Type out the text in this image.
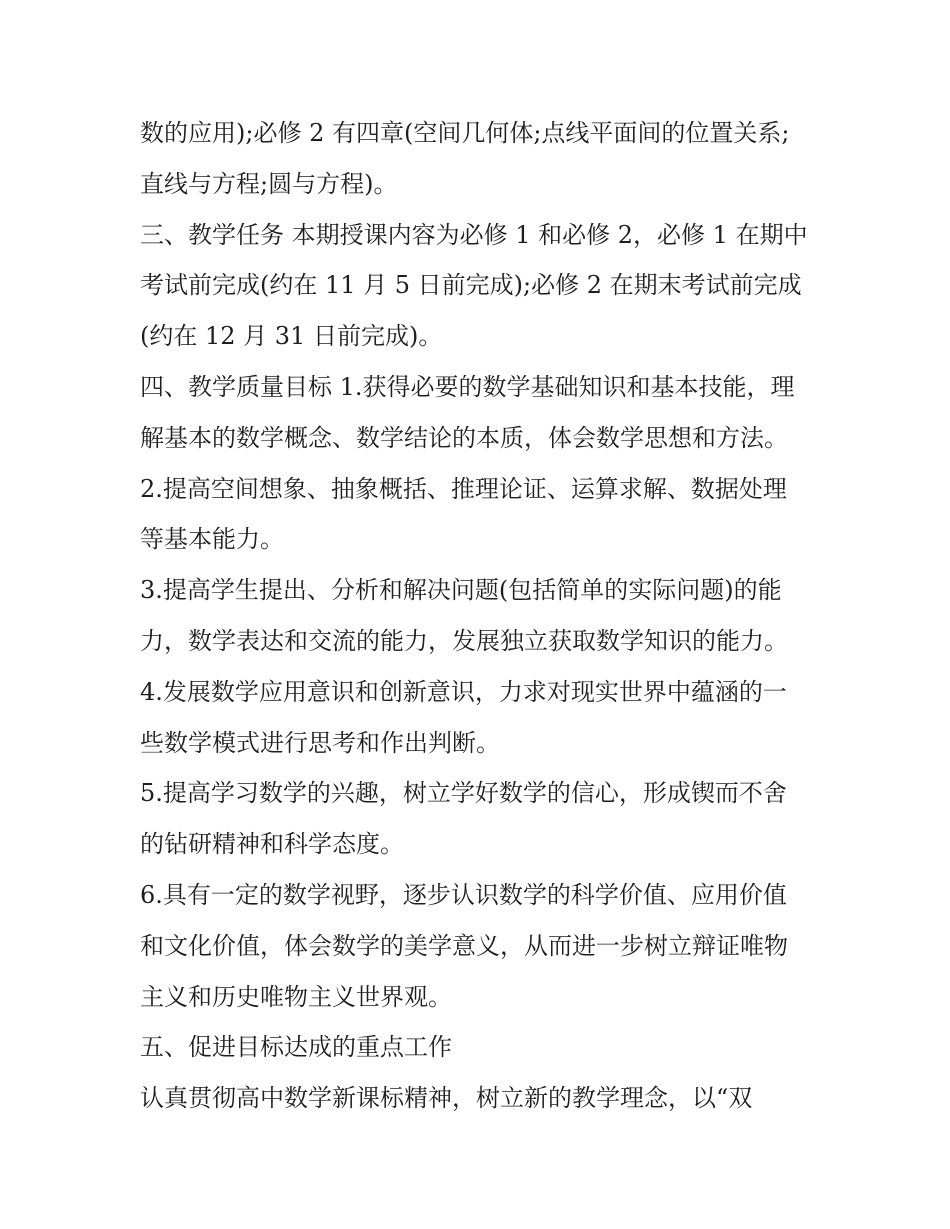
数的应用);必修 2 有四章(空间几何体;点线平面间的位置关系;

直线与方程;圆与方程)。

三、教学任务 本期授课内容为必修 1 和必修 2，必修 1 在期中

考试前完成(约在 11 月 5 日前完成);必修 2 在期末考试前完成

(约在 12 月 31 日前完成)。

四、教学质量目标 1.获得必要的数学基础知识和基本技能，理

解基本的数学概念、数学结论的本质，体会数学思想和方法。

2.提高空间想象、抽象概括、推理论证、运算求解、数据处理

等基本能力。

3.提高学生提出、分析和解决问题(包括简单的实际问题)的能

力，数学表达和交流的能力，发展独立获取数学知识的能力。

4.发展数学应用意识和创新意识，力求对现实世界中蕴涵的一

些数学模式进行思考和作出判断。

5.提高学习数学的兴趣，树立学好数学的信心，形成锲而不舍

的钻研精神和科学态度。

6.具有一定的数学视野，逐步认识数学的科学价值、应用价值

和文化价值，体会数学的美学意义，从而进一步树立辩证唯物

主义和历史唯物主义世界观。

五、促进目标达成的重点工作

认真贯彻高中数学新课标精神，树立新的教学理念，以“双
